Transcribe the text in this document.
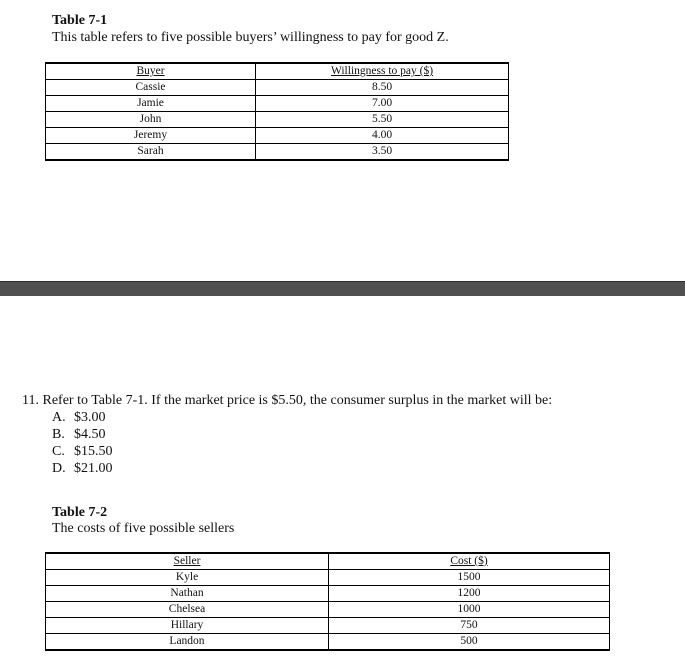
Table 7-1
This table refers to five possible buyers’ willingness to pay for good Z.
Buyer	Willingness to pay ($)
Cassie	8.50
Jamie	7.00
John	5.50
Jeremy	4.00
Sarah	3.50
11. Refer to Table 7-1. If the market price is $5.50, the consumer surplus in the market will be:
A. $3.00
B. $4.50
C. $15.50
D. $21.00
Table 7-2
The costs of five possible sellers
Seller	Cost ($)
Kyle	1500
Nathan	1200
Chelsea	1000
Hillary	750
Landon	500
